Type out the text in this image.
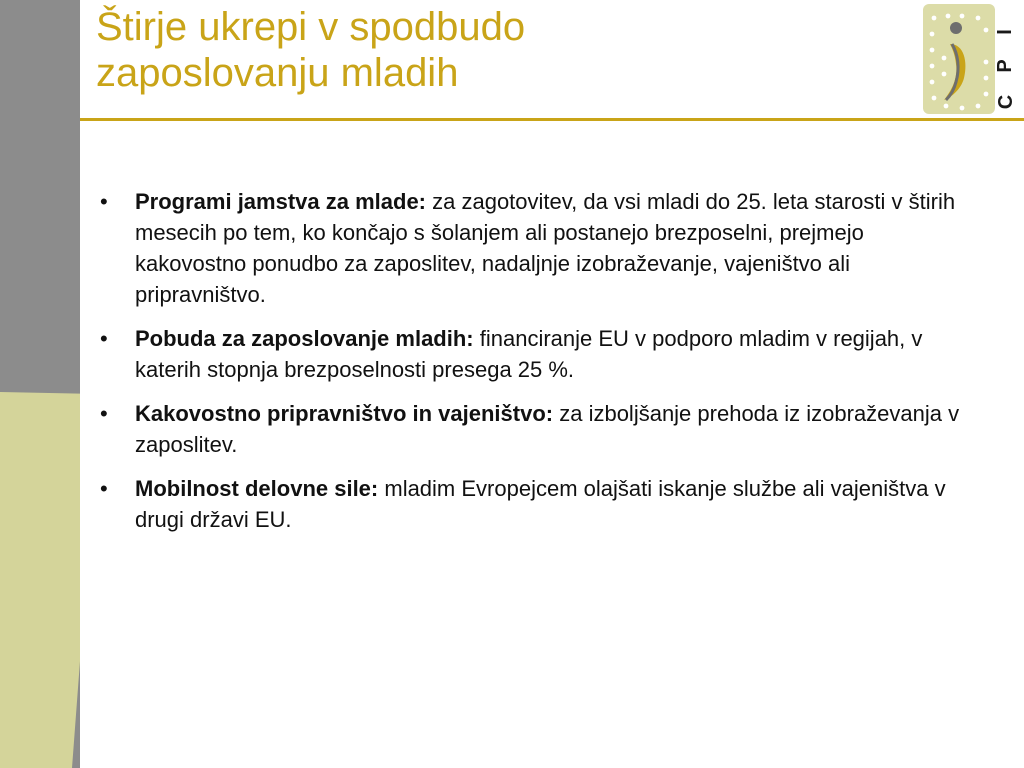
Štirje ukrepi v spodbudo
zaposlovanju mladih
I
P
C
• Programi jamstva za mlade: za zagotovitev, da vsi mladi do 25. leta starosti v štirih mesecih po tem, ko končajo s šolanjem ali postanejo brezposelni, prejmejo kakovostno ponudbo za zaposlitev, nadaljnje izobraževanje, vajeništvo ali pripravništvo.
• Pobuda za zaposlovanje mladih: financiranje EU v podporo mladim v regijah, v katerih stopnja brezposelnosti presega 25 %.
• Kakovostno pripravništvo in vajeništvo: za izboljšanje prehoda iz izobraževanja v zaposlitev.
• Mobilnost delovne sile: mladim Evropejcem olajšati iskanje službe ali vajeništva v drugi državi EU.
